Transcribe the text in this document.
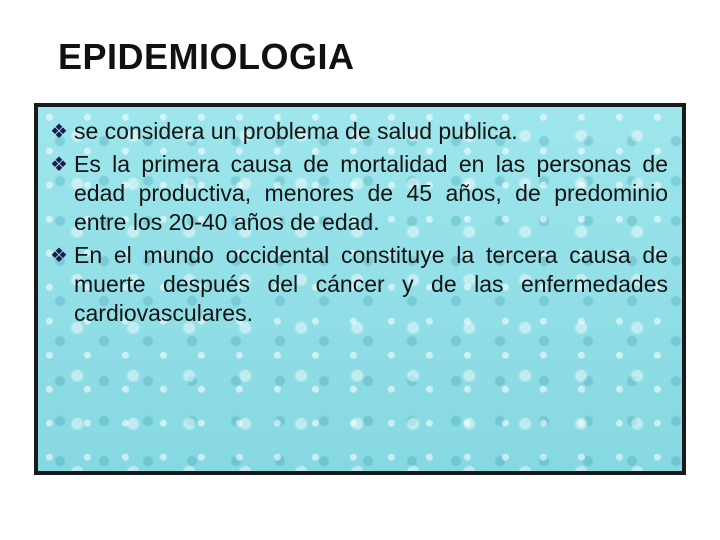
EPIDEMIOLOGIA

❖ se considera un problema de salud publica.

❖ Es la primera causa de mortalidad en las personas de edad productiva, menores de 45 años, de predominio entre los 20-40 años de edad.

❖ En el mundo occidental constituye la tercera causa de muerte después del cáncer y de las enfermedades cardiovasculares.
